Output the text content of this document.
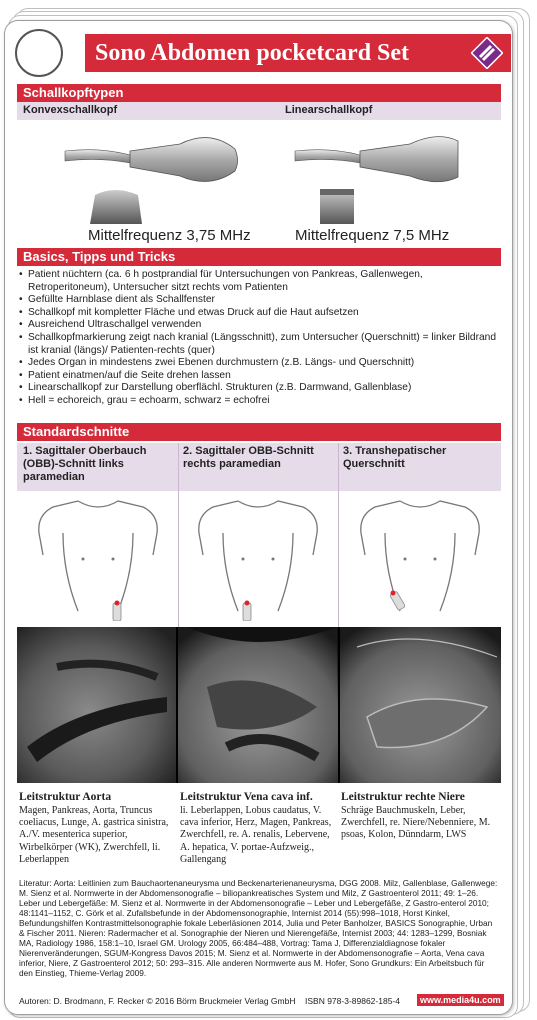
Sono Abdomen pocketcard Set
Schallkopftypen
Konvexschallkopf	Linearschallkopf
Mittelfrequenz 3,75 MHz	Mittelfrequenz 7,5 MHz
Basics, Tipps und Tricks
• Patient nüchtern (ca. 6 h postprandial für Untersuchungen von Pankreas, Gallenwegen, Retroperitoneum), Untersucher sitzt rechts vom Patienten
• Gefüllte Harnblase dient als Schallfenster
• Schallkopf mit kompletter Fläche und etwas Druck auf die Haut aufsetzen
• Ausreichend Ultraschallgel verwenden
• Schallkopfmarkierung zeigt nach kranial (Längsschnitt), zum Untersucher (Querschnitt) = linker Bildrand ist kranial (längs)/ Patienten-rechts (quer)
• Jedes Organ in mindestens zwei Ebenen durchmustern (z.B. Längs- und Querschnitt)
• Patient einatmen/auf die Seite drehen lassen
• Linearschallkopf zur Darstellung oberflächl. Strukturen (z.B. Darmwand, Gallenblase)
• Hell = echoreich, grau = echoarm, schwarz = echofrei
Standardschnitte
1. Sagittaler Oberbauch (OBB)-Schnitt links paramedian
2. Sagittaler OBB-Schnitt rechts paramedian
3. Transhepatischer Querschnitt
Leitstruktur Aorta
Magen, Pankreas, Aorta, Truncus coeliacus, Lunge, A. gastrica sinistra, A./V. mesenterica superior, Wirbelkörper (WK), Zwerchfell, li. Leberlappen
Leitstruktur Vena cava inf.
li. Leberlappen, Lobus caudatus, V. cava inferior, Herz, Magen, Pankreas, Zwerchfell, re. A. renalis, Lebervene, A. hepatica, V. portae-Aufzweig., Gallengang
Leitstruktur rechte Niere
Schräge Bauchmuskeln, Leber, Zwerchfell, re. Niere/Nebenniere, M. psoas, Kolon, Dünndarm, LWS
Literatur: Aorta: Leitlinien zum Bauchaortenaneurysma und Beckenarterienaneurysma, DGG 2008. Milz, Gallenblase, Gallenwege: M. Sienz et al. Normwerte in der Abdomensonografie – biliopankreatisches System und Milz, Z Gastroenterol 2011; 49: 1–26. Leber und Lebergefäße: M. Sienz et al. Normwerte in der Abdomensonografie – Leber und Lebergefäße, Z Gastro-enterol 2010; 48:1141–1152, C. Görk et al. Zufallsbefunde in der Abdomensonographie, Internist 2014 (55):998–1018, Horst Kinkel, Befundungshilfen Kontrastmittelsonographie fokale Leberläsionen 2014, Julia und Peter Banholzer, BASICS Sonographie, Urban & Fischer 2011. Nieren: Radermacher et al. Sonographie der Nieren und Nierengefäße, Internist 2003; 44: 1283–1299, Bosniak MA, Radiology 1986, 158:1–10, Israel GM. Urology 2005, 66:484–488, Vortrag: Tama J, Differenzialdiagnose fokaler Nierenveränderungen, SGUM-Kongress Davos 2015; M. Sienz et al. Normwerte in der Abdomensonografie – Aorta, Vena cava inferior, Niere, Z Gastroenterol 2012; 50: 293–315. Alle anderen Normwerte aus M. Hofer, Sono Grundkurs: Ein Arbeitsbuch für den Einstieg, Thieme-Verlag 2009.
Autoren: D. Brodmann, F. Recker © 2016 Börm Bruckmeier Verlag GmbH ISBN 978-3-89862-185-4	www.media4u.com
